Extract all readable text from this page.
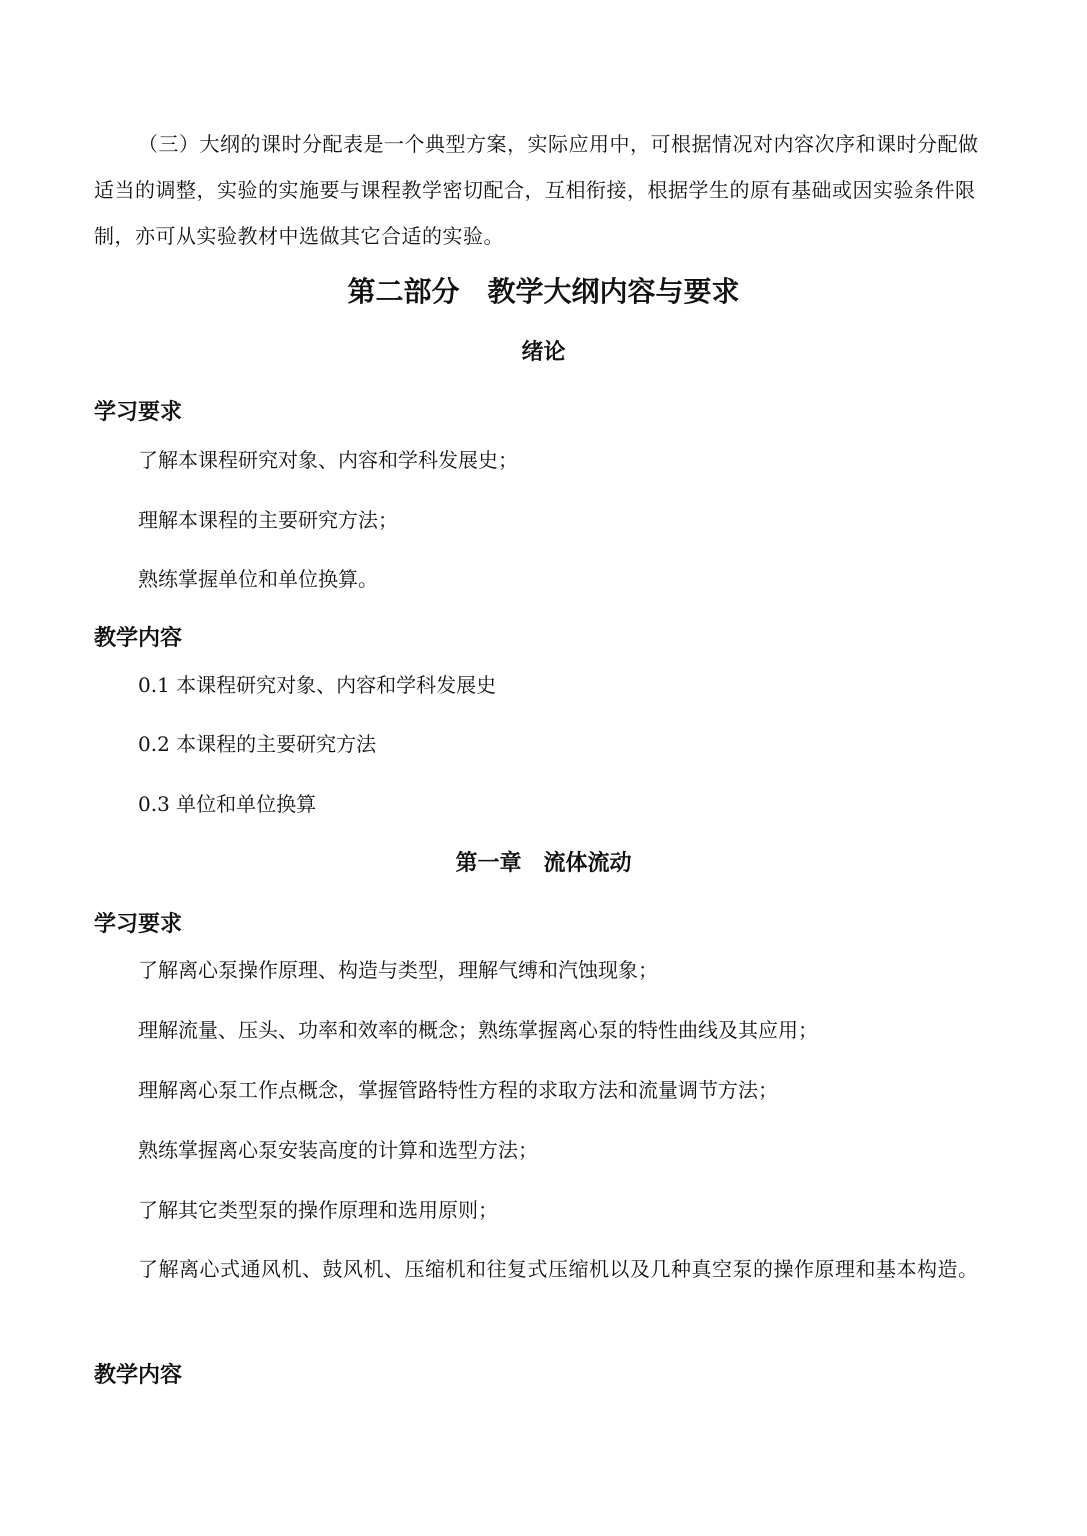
（三）大纲的课时分配表是一个典型方案，实际应用中，可根据情况对内容次序和课时分配做适当的调整，实验的实施要与课程教学密切配合，互相衔接，根据学生的原有基础或因实验条件限制，亦可从实验教材中选做其它合适的实验。

第二部分　教学大纲内容与要求
绪论
学习要求

了解本课程研究对象、内容和学科发展史；

理解本课程的主要研究方法；

熟练掌握单位和单位换算。

教学内容

0.1 本课程研究对象、内容和学科发展史

0.2 本课程的主要研究方法

0.3 单位和单位换算

第一章　流体流动
学习要求

了解离心泵操作原理、构造与类型，理解气缚和汽蚀现象；

理解流量、压头、功率和效率的概念；熟练掌握离心泵的特性曲线及其应用；

理解离心泵工作点概念，掌握管路特性方程的求取方法和流量调节方法；

熟练掌握离心泵安装高度的计算和选型方法；

了解其它类型泵的操作原理和选用原则；

了解离心式通风机、鼓风机、压缩机和往复式压缩机以及几种真空泵的操作原理和基本构造。

教学内容
